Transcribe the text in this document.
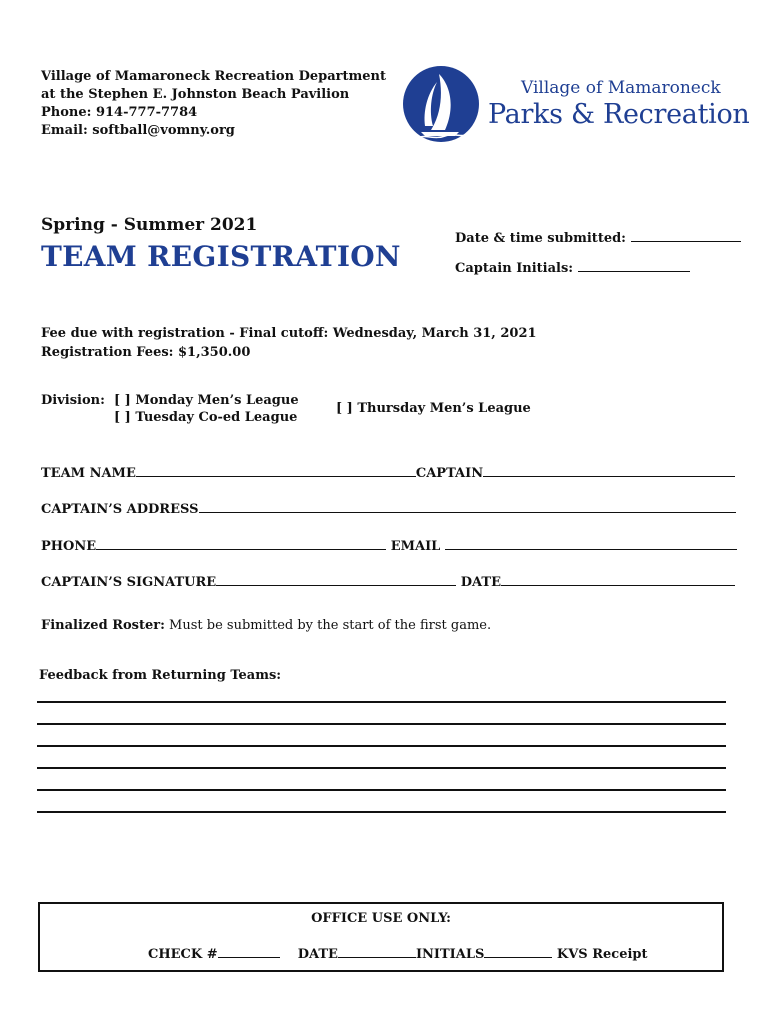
Village of Mamaroneck Recreation Department
at the Stephen E. Johnston Beach Pavilion
Phone: 914-777-7784
Email: softball@vomny.org
Village of Mamaroneck
Parks & Recreation
Spring - Summer 2021
TEAM REGISTRATION
Date & time submitted:
Captain Initials:
Fee due with registration - Final cutoff: Wednesday, March 31, 2021
Registration Fees: $1,350.00
Division: [ ] Monday Men’s League
[ ] Tuesday Co-ed League
[ ] Thursday Men’s League
TEAM NAME	CAPTAIN
CAPTAIN’S ADDRESS
PHONE	EMAIL
CAPTAIN’S SIGNATURE	DATE
Finalized Roster: Must be submitted by the start of the first game.
Feedback from Returning Teams:
OFFICE USE ONLY:
CHECK #	DATE	INITIALS	KVS Receipt
